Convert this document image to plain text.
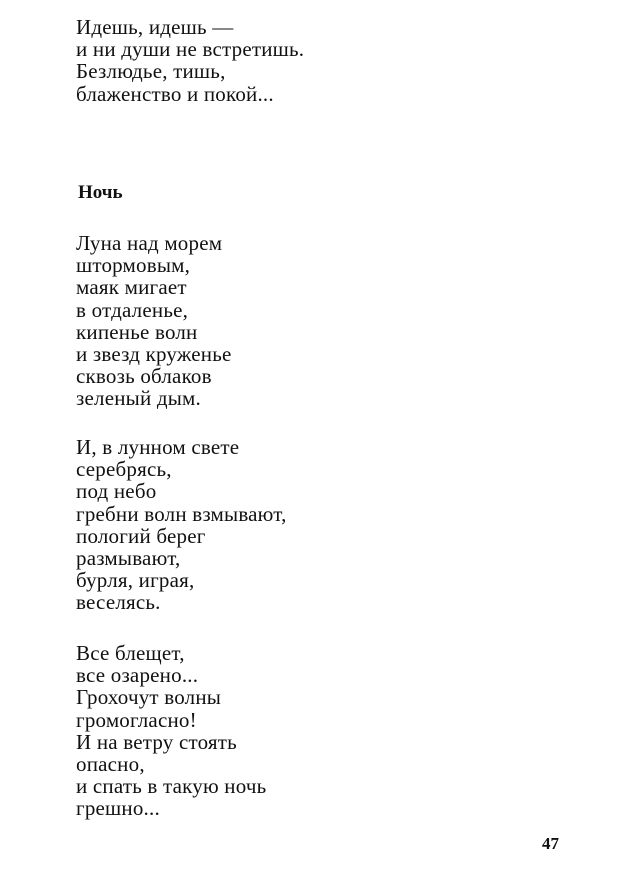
Идешь, идешь —
и ни души не встретишь.
Безлюдье, тишь,
блаженство и покой...
Ночь
Луна над морем
штормовым,
маяк мигает
в отдаленье,
кипенье волн
и звезд круженье
сквозь облаков
зеленый дым.
И, в лунном свете
серебрясь,
под небо
гребни волн взмывают,
пологий берег
размывают,
бурля, играя,
веселясь.
Все блещет,
все озарено...
Грохочут волны
громогласно!
И на ветру стоять
опасно,
и спать в такую ночь
грешно...
47
